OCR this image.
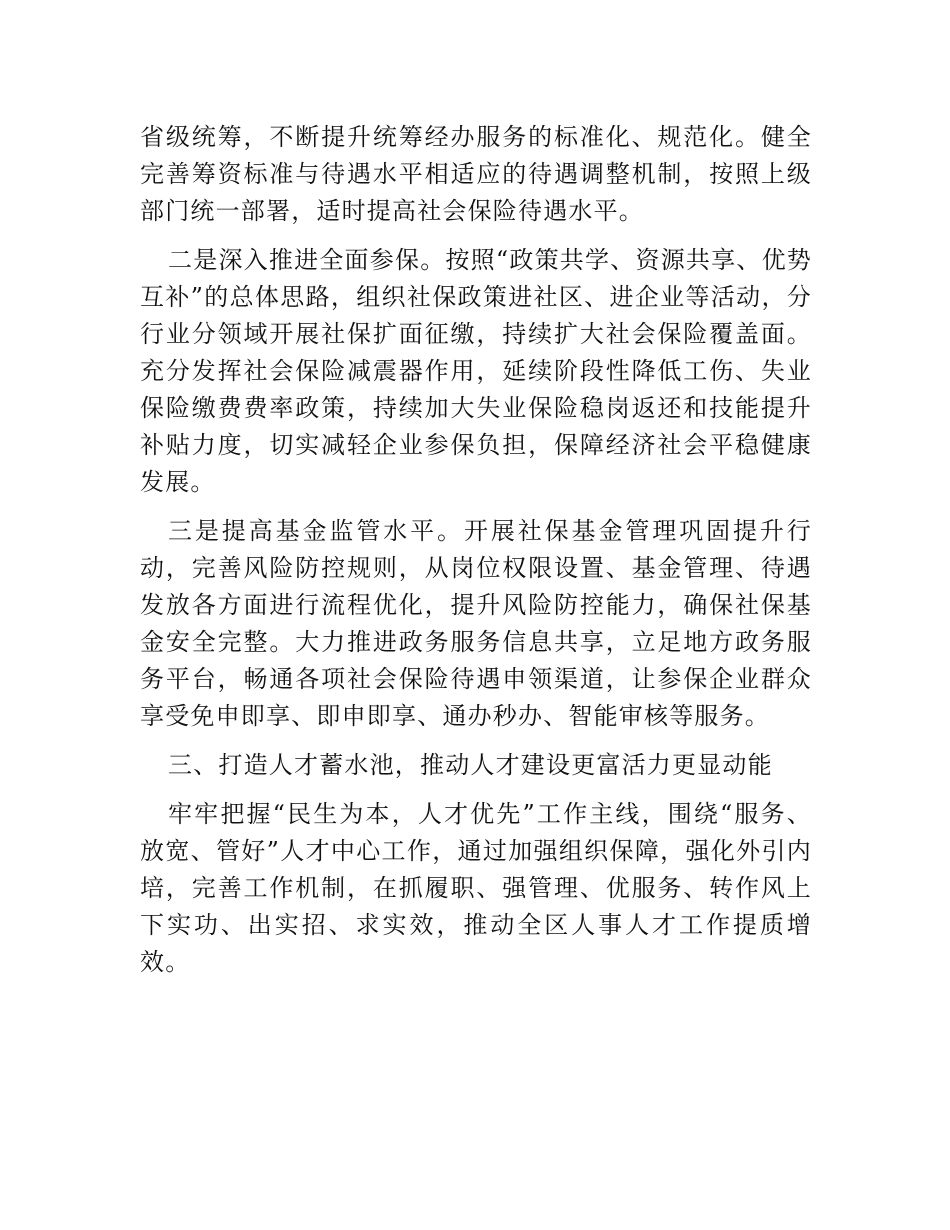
省级统筹，不断提升统筹经办服务的标准化、规范化。健全完善筹资标准与待遇水平相适应的待遇调整机制，按照上级部门统一部署，适时提高社会保险待遇水平。

二是深入推进全面参保。按照“政策共学、资源共享、优势互补”的总体思路，组织社保政策进社区、进企业等活动，分行业分领域开展社保扩面征缴，持续扩大社会保险覆盖面。充分发挥社会保险减震器作用，延续阶段性降低工伤、失业保险缴费费率政策，持续加大失业保险稳岗返还和技能提升补贴力度，切实减轻企业参保负担，保障经济社会平稳健康发展。

三是提高基金监管水平。开展社保基金管理巩固提升行动，完善风险防控规则，从岗位权限设置、基金管理、待遇发放各方面进行流程优化，提升风险防控能力，确保社保基金安全完整。大力推进政务服务信息共享，立足地方政务服务平台，畅通各项社会保险待遇申领渠道，让参保企业群众享受免申即享、即申即享、通办秒办、智能审核等服务。

三、打造人才蓄水池，推动人才建设更富活力更显动能

牢牢把握“民生为本，人才优先”工作主线，围绕“服务、放宽、管好”人才中心工作，通过加强组织保障，强化外引内培，完善工作机制，在抓履职、强管理、优服务、转作风上下实功、出实招、求实效，推动全区人事人才工作提质增效。
